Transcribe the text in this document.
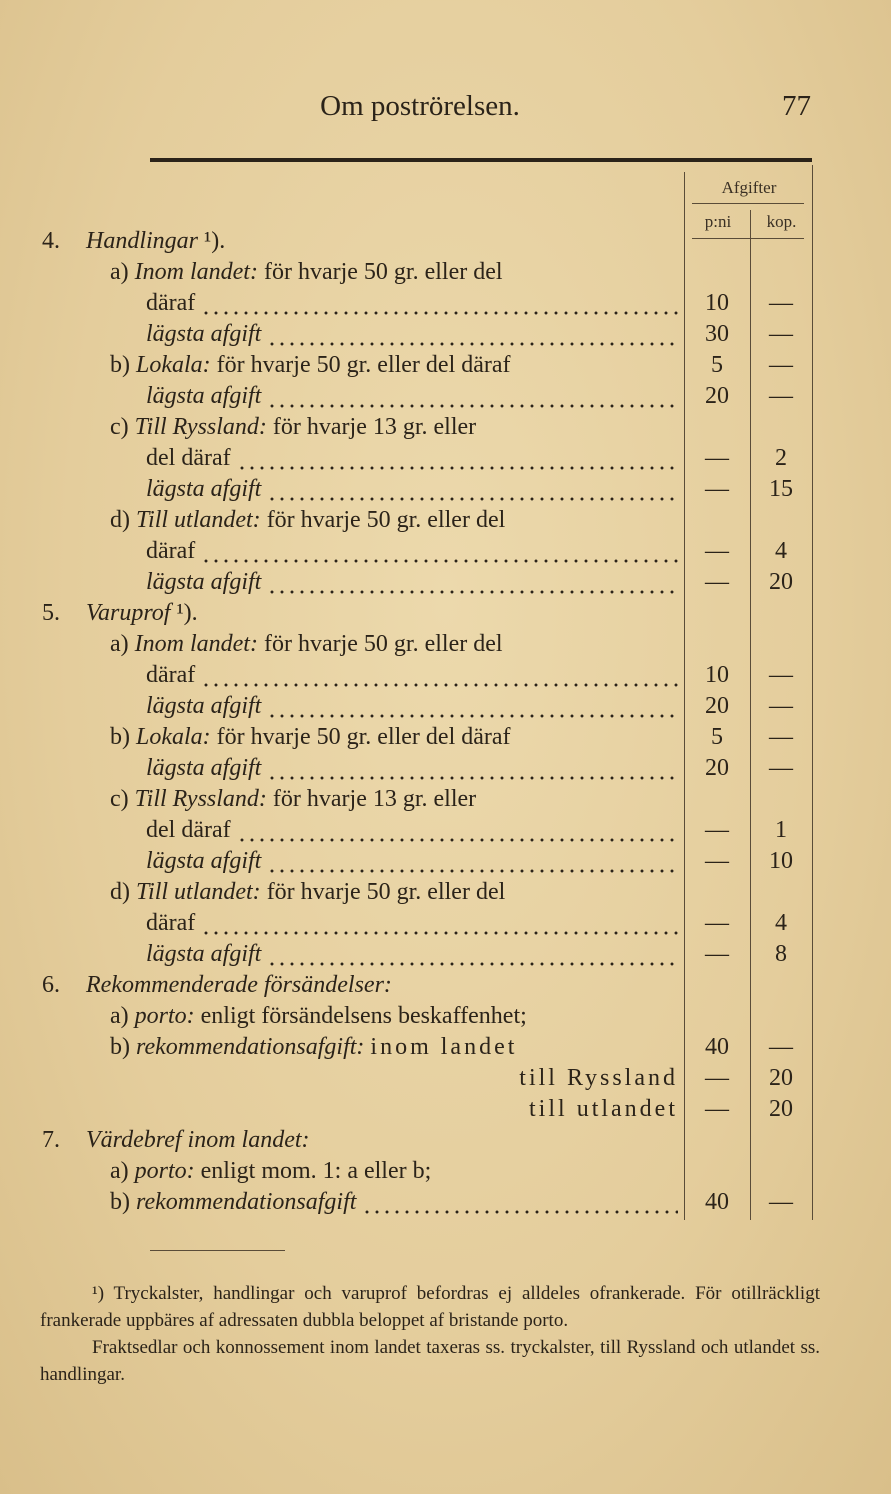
Om poströrelsen.	77
Afgifter
p:ni	kop.
4.	Handlingar ¹).
a) Inom landet: för hvarje 50 gr. eller del
däraf	10	—
lägsta afgift	30	—
b) Lokala: för hvarje 50 gr. eller del däraf	5	—
lägsta afgift	20	—
c) Till Ryssland: för hvarje 13 gr. eller
del däraf	—	2
lägsta afgift	—	15
d) Till utlandet: för hvarje 50 gr. eller del
däraf	—	4
lägsta afgift	—	20
5.	Varuprof ¹).
a) Inom landet: för hvarje 50 gr. eller del
däraf	10	—
lägsta afgift	20	—
b) Lokala: för hvarje 50 gr. eller del däraf	5	—
lägsta afgift	20	—
c) Till Ryssland: för hvarje 13 gr. eller
del däraf	—	1
lägsta afgift	—	10
d) Till utlandet: för hvarje 50 gr. eller del
däraf	—	4
lägsta afgift	—	8
6.	Rekommenderade försändelser:
a) porto: enligt försändelsens beskaffenhet;
b) rekommendationsafgift:
inom landet	40	—
till Ryssland	—	20
till utlandet	—	20
7.	Värdebref inom landet:
a) porto: enligt mom. 1: a eller b;
b) rekommendationsafgift	40	—

¹) Tryckalster, handlingar och varuprof befordras ej alldeles ofrankerade. För otillräckligt frankerade uppbäres af adressaten dubbla beloppet af bristande porto.

Fraktsedlar och konnossement inom landet taxeras ss. tryckalster, till Ryssland och utlandet ss. handlingar.
